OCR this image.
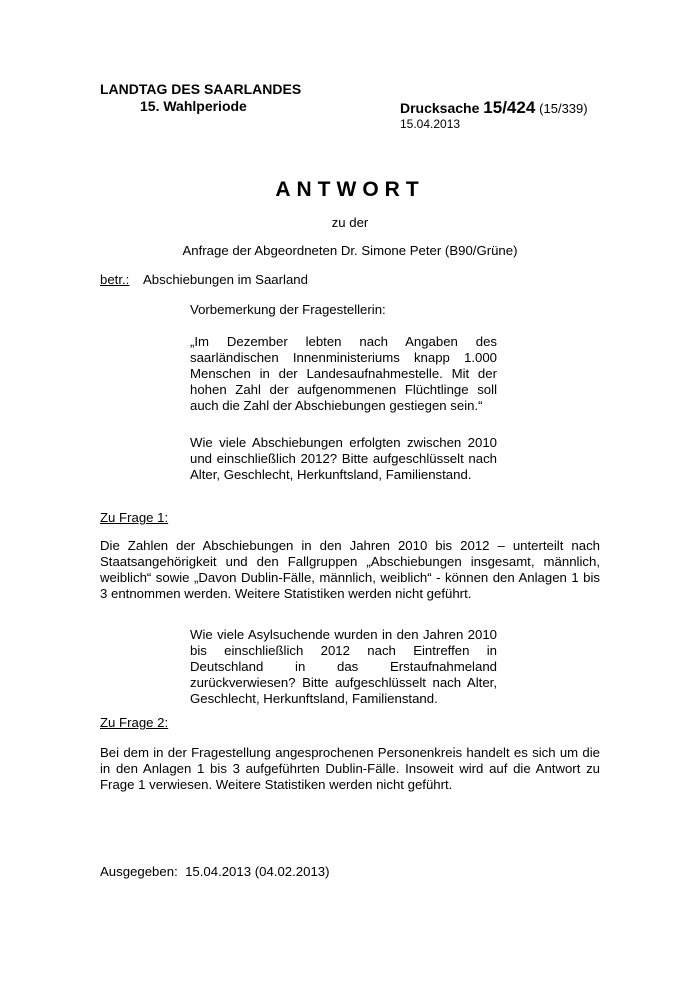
LANDTAG DES SAARLANDES
15. Wahlperiode	Drucksache 15/424 (15/339)
15.04.2013
ANTWORT
zu der
Anfrage der Abgeordneten Dr. Simone Peter (B90/Grüne)
betr.: Abschiebungen im Saarland
Vorbemerkung der Fragestellerin:
„Im Dezember lebten nach Angaben des saarländischen Innenministeriums knapp 1.000 Menschen in der Landesaufnahmestelle. Mit der hohen Zahl der aufgenommenen Flüchtlinge soll auch die Zahl der Abschiebungen gestiegen sein.“
Wie viele Abschiebungen erfolgten zwischen 2010 und einschließlich 2012? Bitte aufgeschlüsselt nach Alter, Geschlecht, Herkunftsland, Familienstand.
Zu Frage 1:
Die Zahlen der Abschiebungen in den Jahren 2010 bis 2012 – unterteilt nach Staatsangehörigkeit und den Fallgruppen „Abschiebungen insgesamt, männlich, weiblich“ sowie „Davon Dublin-Fälle, männlich, weiblich“ - können den Anlagen 1 bis 3 entnommen werden. Weitere Statistiken werden nicht geführt.
Wie viele Asylsuchende wurden in den Jahren 2010 bis einschließlich 2012 nach Eintreffen in Deutschland in das Erstaufnahmeland zurückverwiesen? Bitte aufgeschlüsselt nach Alter, Geschlecht, Herkunftsland, Familienstand.
Zu Frage 2:
Bei dem in der Fragestellung angesprochenen Personenkreis handelt es sich um die in den Anlagen 1 bis 3 aufgeführten Dublin-Fälle. Insoweit wird auf die Antwort zu Frage 1 verwiesen. Weitere Statistiken werden nicht geführt.
Ausgegeben: 15.04.2013 (04.02.2013)
